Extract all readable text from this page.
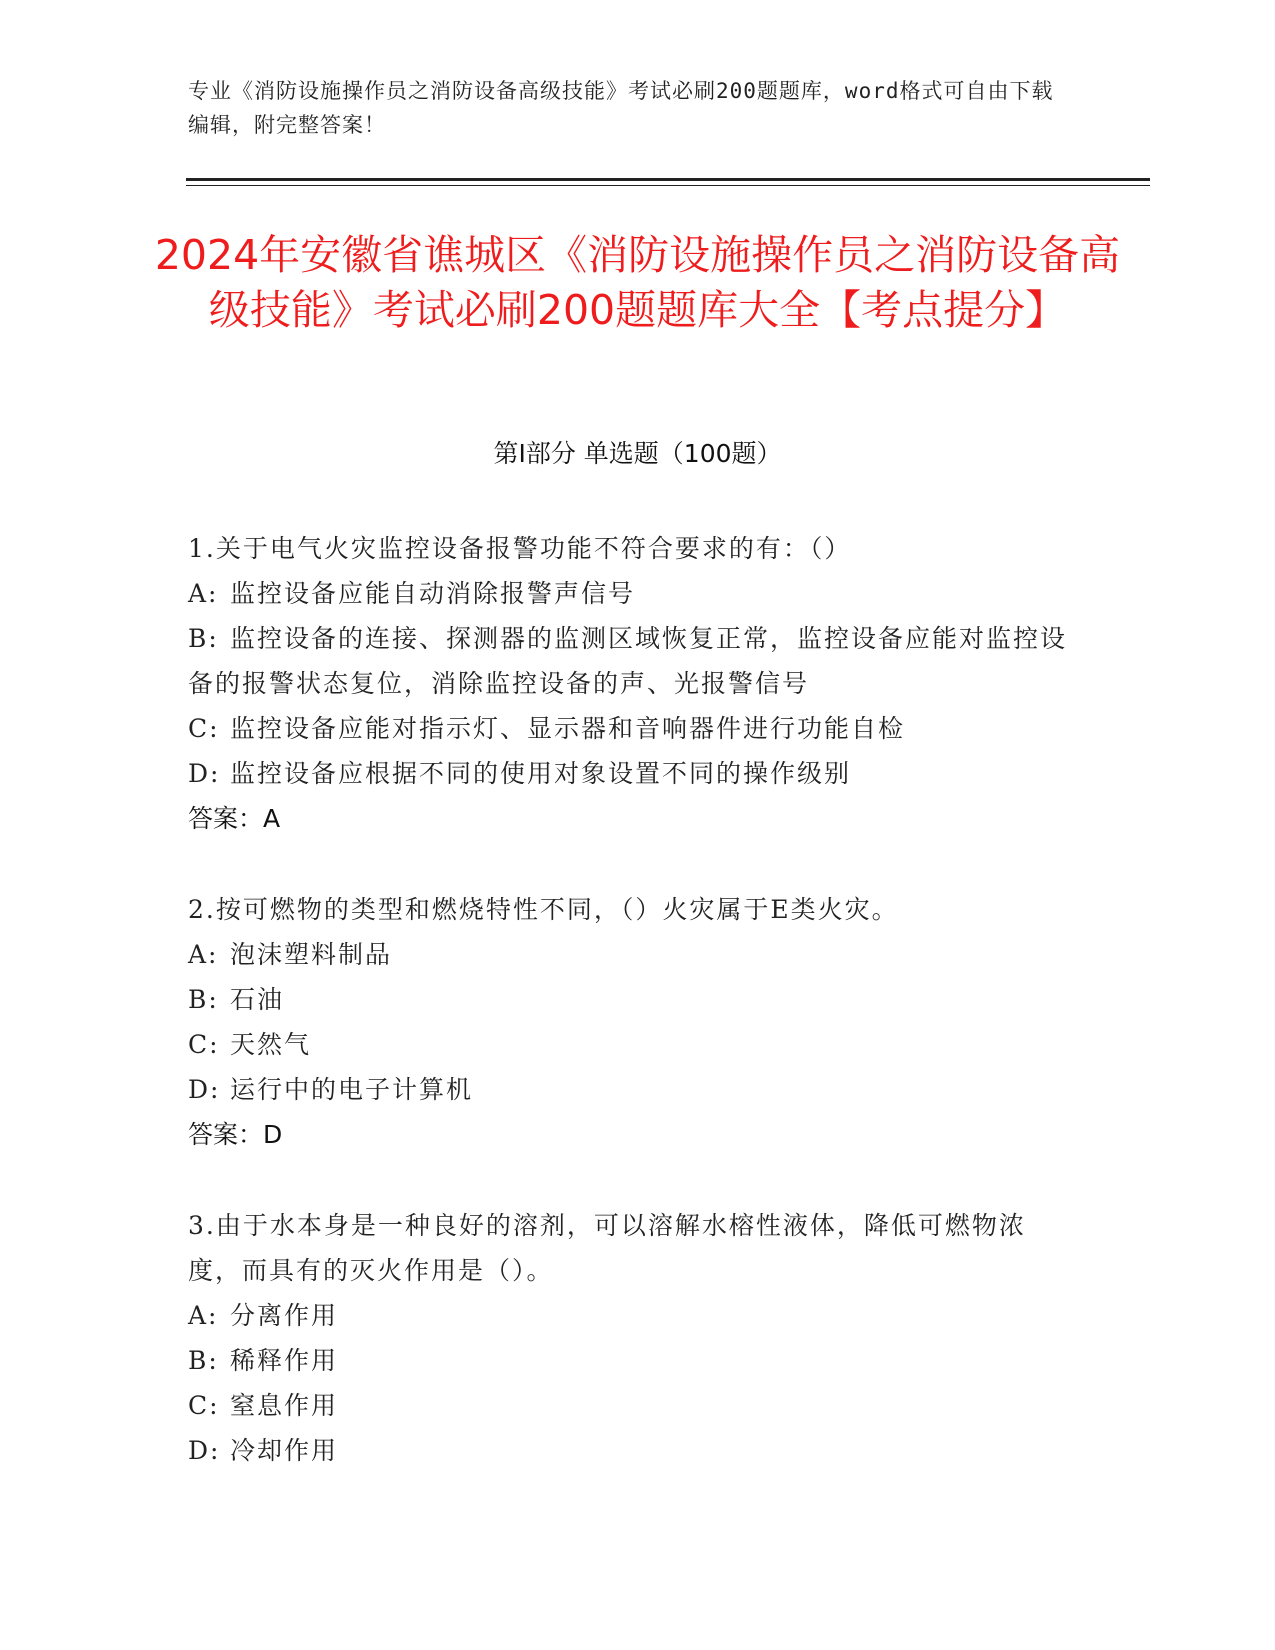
专业《消防设施操作员之消防设备高级技能》考试必刷200题题库，word格式可自由下载编辑，附完整答案！
2024年安徽省谯城区《消防设施操作员之消防设备高级技能》考试必刷200题题库大全【考点提分】
第Ⅰ部分 单选题（100题）
1.关于电气火灾监控设备报警功能不符合要求的有：（）
A: 监控设备应能自动消除报警声信号
B: 监控设备的连接、探测器的监测区域恢复正常，监控设备应能对监控设备的报警状态复位，消除监控设备的声、光报警信号
C: 监控设备应能对指示灯、显示器和音响器件进行功能自检
D: 监控设备应根据不同的使用对象设置不同的操作级别
答案：A
2.按可燃物的类型和燃烧特性不同，（）火灾属于E类火灾。
A: 泡沫塑料制品
B: 石油
C: 天然气
D: 运行中的电子计算机
答案：D
3.由于水本身是一种良好的溶剂，可以溶解水榕性液体，降低可燃物浓度，而具有的灭火作用是（）。
A: 分离作用
B: 稀释作用
C: 窒息作用
D: 冷却作用
